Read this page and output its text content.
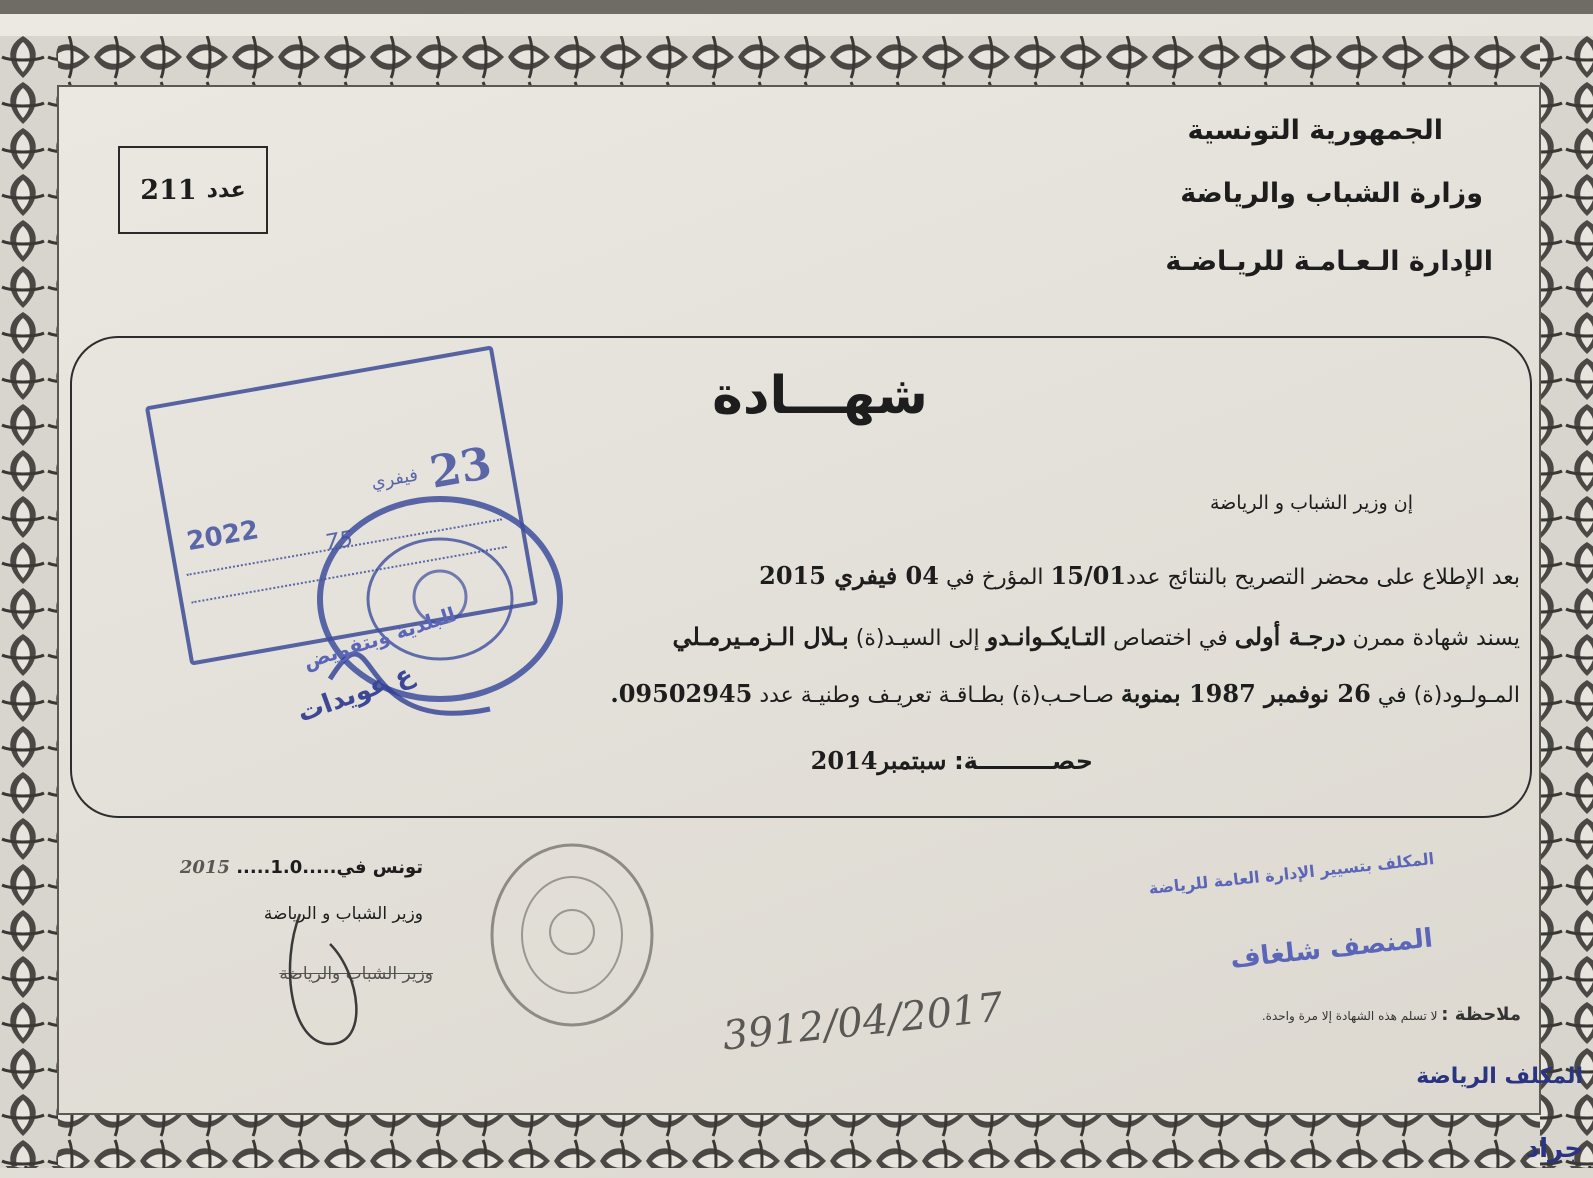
الجمهورية التونسية
وزارة الشباب والرياضة
الإدارة الـعـامـة للريـاضـة
211 عدد
شهـــادة
إن وزير الشباب و الرياضة
بعد الإطلاع على محضر التصريح بالنتائج عدد15/01 المؤرخ في 04 فيفري 2015
يسند شهادة ممرن درجـة أولى في اختصاص التـايكـوانـدو إلى السيـد(ة) بـلال الـزمـيرمـلي
المـولـود(ة) في 26 نوفمبر 1987 بمنوبة صـاحـب(ة) بطـاقـة تعريـف وطنيـة عدد 09502945.
حصـــــــــة: سبتمبر2014
23
فيفري
2022	75
البلدية وبتفويض
ع عويدات
تونس في.....1.0..... 2015
وزير الشباب و الرياضة
وزير الشباب والرياضة
3912/04/2017
المكلف بتسيير الإدارة العامة للرياضة
المنصف شلغاف
ملاحظة : لا تسلم هذه الشهادة إلا مرة واحدة.
المكلف الرياضة
جراد
